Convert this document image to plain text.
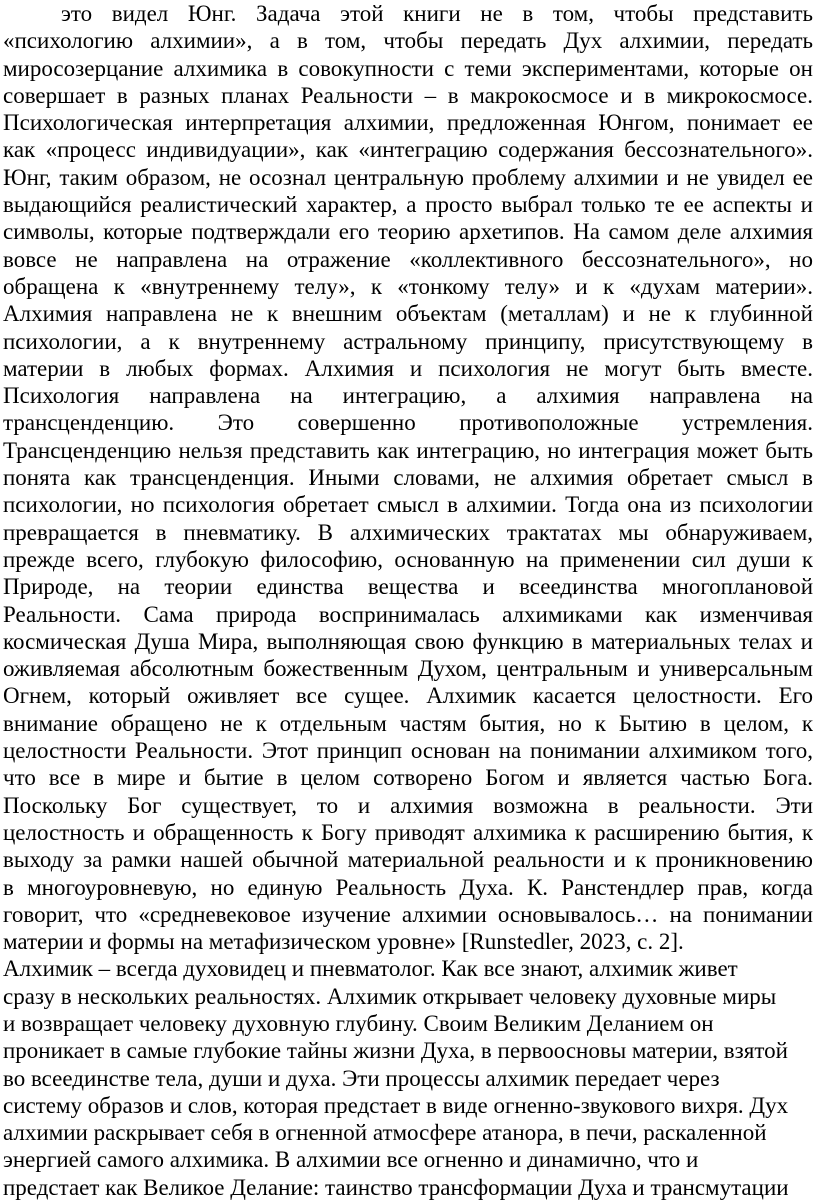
это видел Юнг. Задача этой книги не в том, чтобы представить
«психологию алхимии», а в том, чтобы передать Дух алхимии, передать
миросозерцание алхимика в совокупности с теми экспериментами, которые он
совершает в разных планах Реальности – в макрокосмосе и в микрокосмосе.
Психологическая интерпретация алхимии, предложенная Юнгом, понимает ее
как «процесс индивидуации», как «интеграцию содержания бессознательного».
Юнг, таким образом, не осознал центральную проблему алхимии и не увидел ее
выдающийся реалистический характер, а просто выбрал только те ее аспекты и
символы, которые подтверждали его теорию архетипов. На самом деле алхимия
вовсе не направлена на отражение «коллективного бессознательного», но
обращена к «внутреннему телу», к «тонкому телу» и к «духам материи».
Алхимия направлена не к внешним объектам (металлам) и не к глубинной
психологии, а к внутреннему астральному принципу, присутствующему в
материи в любых формах. Алхимия и психология не могут быть вместе.
Психология направлена на интеграцию, а алхимия направлена на
трансценденцию. Это совершенно противоположные устремления.
Трансценденцию нельзя представить как интеграцию, но интеграция может быть
понята как трансценденция. Иными словами, не алхимия обретает смысл в
психологии, но психология обретает смысл в алхимии. Тогда она из психологии
превращается в пневматику. В алхимических трактатах мы обнаруживаем,
прежде всего, глубокую философию, основанную на применении сил души к
Природе, на теории единства вещества и всеединства многоплановой
Реальности. Сама природа воспринималась алхимиками как изменчивая
космическая Душа Мира, выполняющая свою функцию в материальных телах и
оживляемая абсолютным божественным Духом, центральным и универсальным
Огнем, который оживляет все сущее. Алхимик касается целостности. Его
внимание обращено не к отдельным частям бытия, но к Бытию в целом, к
целостности Реальности. Этот принцип основан на понимании алхимиком того,
что все в мире и бытие в целом сотворено Богом и является частью Бога.
Поскольку Бог существует, то и алхимия возможна в реальности. Эти
целостность и обращенность к Богу приводят алхимика к расширению бытия, к
выходу за рамки нашей обычной материальной реальности и к проникновению
в многоуровневую, но единую Реальность Духа. К. Ранстендлер прав, когда
говорит, что «средневековое изучение алхимии основывалось… на понимании
материи и формы на метафизическом уровне» [Runstedler, 2023, с. 2].
Алхимик – всегда духовидец и пневматолог. Как все знают, алхимик живет
сразу в нескольких реальностях. Алхимик открывает человеку духовные миры
и возвращает человеку духовную глубину. Своим Великим Деланием он
проникает в самые глубокие тайны жизни Духа, в первоосновы материи, взятой
во всеединстве тела, души и духа. Эти процессы алхимик передает через
систему образов и слов, которая предстает в виде огненно-звукового вихря. Дух
алхимии раскрывает себя в огненной атмосфере атанора, в печи, раскаленной
энергией самого алхимика. В алхимии все огненно и динамично, что и
предстает как Великое Делание: таинство трансформации Духа и трансмутации
